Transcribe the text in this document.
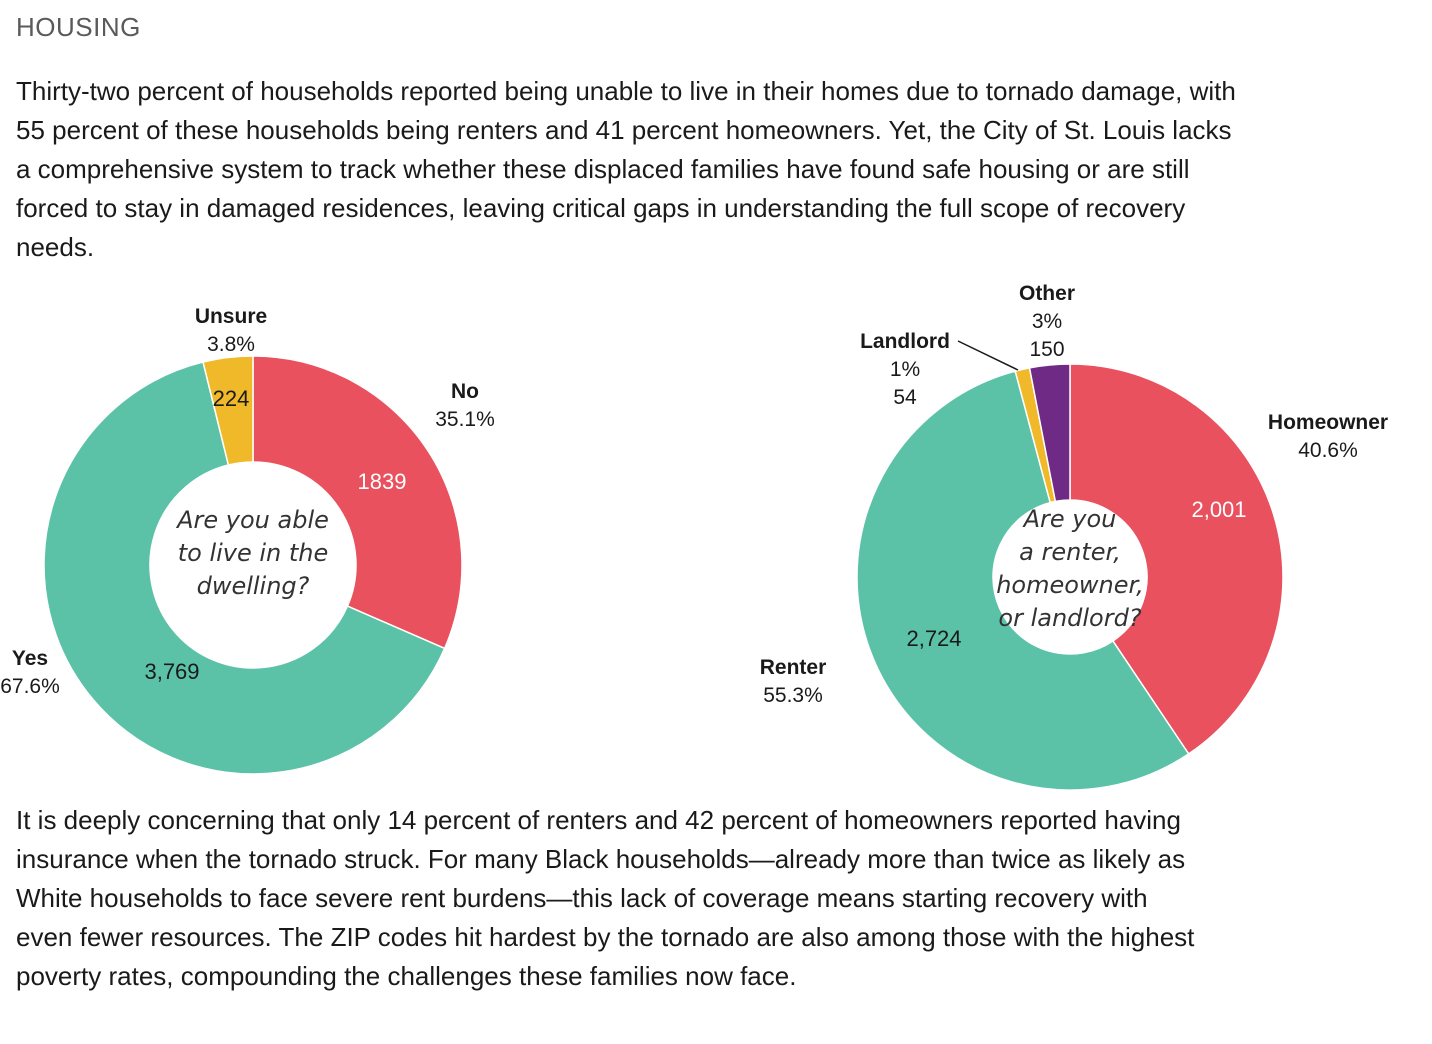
HOUSING

Thirty-two percent of households reported being unable to live in their homes due to tornado damage, with 55 percent of these households being renters and 41 percent homeowners. Yet, the City of St. Louis lacks a comprehensive system to track whether these displaced families have found safe housing or are still forced to stay in damaged residences, leaving critical gaps in understanding the full scope of recovery needs.

1839
3,769
224	No
35.1%
Yes
67.6%
Unsure
3.8%
Are you able
to live in the
dwelling?
2,001
2,724
Homeowner
40.6%
Renter
55.3%
Landlord
1%
54
Other
3%
150
Are you
a renter,
homeowner,
or landlord?

It is deeply concerning that only 14 percent of renters and 42 percent of homeowners reported having insurance when the tornado struck. For many Black households—already more than twice as likely as White households to face severe rent burdens—this lack of coverage means starting recovery with even fewer resources. The ZIP codes hit hardest by the tornado are also among those with the highest poverty rates, compounding the challenges these families now face.
